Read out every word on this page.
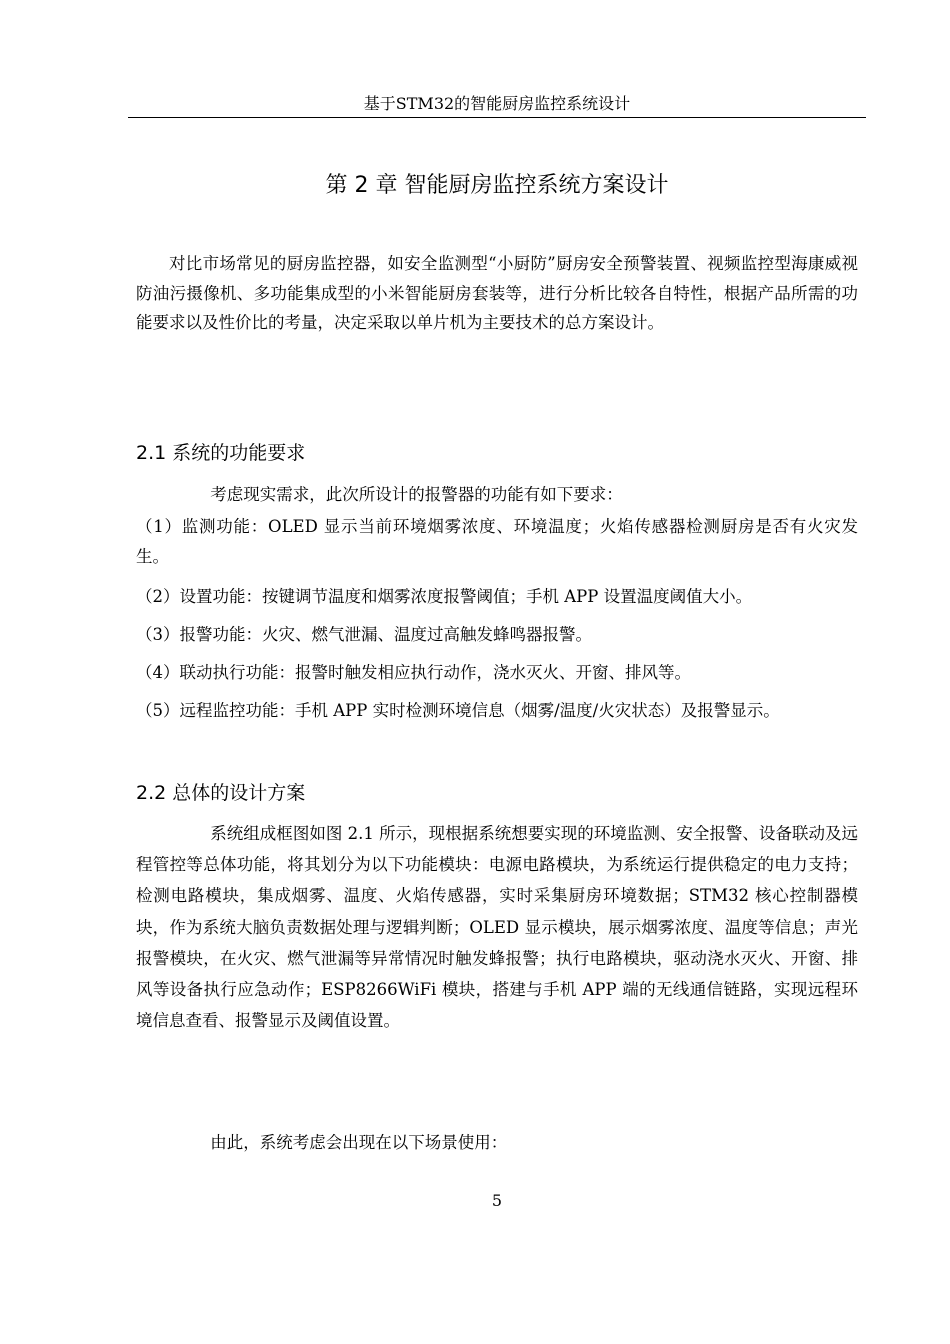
基于STM32的智能厨房监控系统设计
第 2 章 智能厨房监控系统方案设计

对比市场常见的厨房监控器，如安全监测型“小厨防”厨房安全预警装置、视频监控型海康威视防油污摄像机、多功能集成型的小米智能厨房套装等，进行分析比较各自特性，根据产品所需的功能要求以及性价比的考量，决定采取以单片机为主要技术的总方案设计。

2.1 系统的功能要求

考虑现实需求，此次所设计的报警器的功能有如下要求：

（1）监测功能：OLED 显示当前环境烟雾浓度、环境温度；火焰传感器检测厨房是否有火灾发生。
（2）设置功能：按键调节温度和烟雾浓度报警阈值；手机 APP 设置温度阈值大小。
（3）报警功能：火灾、燃气泄漏、温度过高触发蜂鸣器报警。
（4）联动执行功能：报警时触发相应执行动作，浇水灭火、开窗、排风等。
（5）远程监控功能：手机 APP 实时检测环境信息（烟雾/温度/火灾状态）及报警显示。
2.2 总体的设计方案

系统组成框图如图 2.1 所示，现根据系统想要实现的环境监测、安全报警、设备联动及远程管控等总体功能，将其划分为以下功能模块：电源电路模块，为系统运行提供稳定的电力支持；检测电路模块，集成烟雾、温度、火焰传感器，实时采集厨房环境数据；STM32 核心控制器模块，作为系统大脑负责数据处理与逻辑判断；OLED 显示模块，展示烟雾浓度、温度等信息；声光报警模块，在火灾、燃气泄漏等异常情况时触发蜂报警；执行电路模块，驱动浇水灭火、开窗、排风等设备执行应急动作；ESP8266WiFi 模块，搭建与手机 APP 端的无线通信链路，实现远程环境信息查看、报警显示及阈值设置。

由此，系统考虑会出现在以下场景使用：

5
